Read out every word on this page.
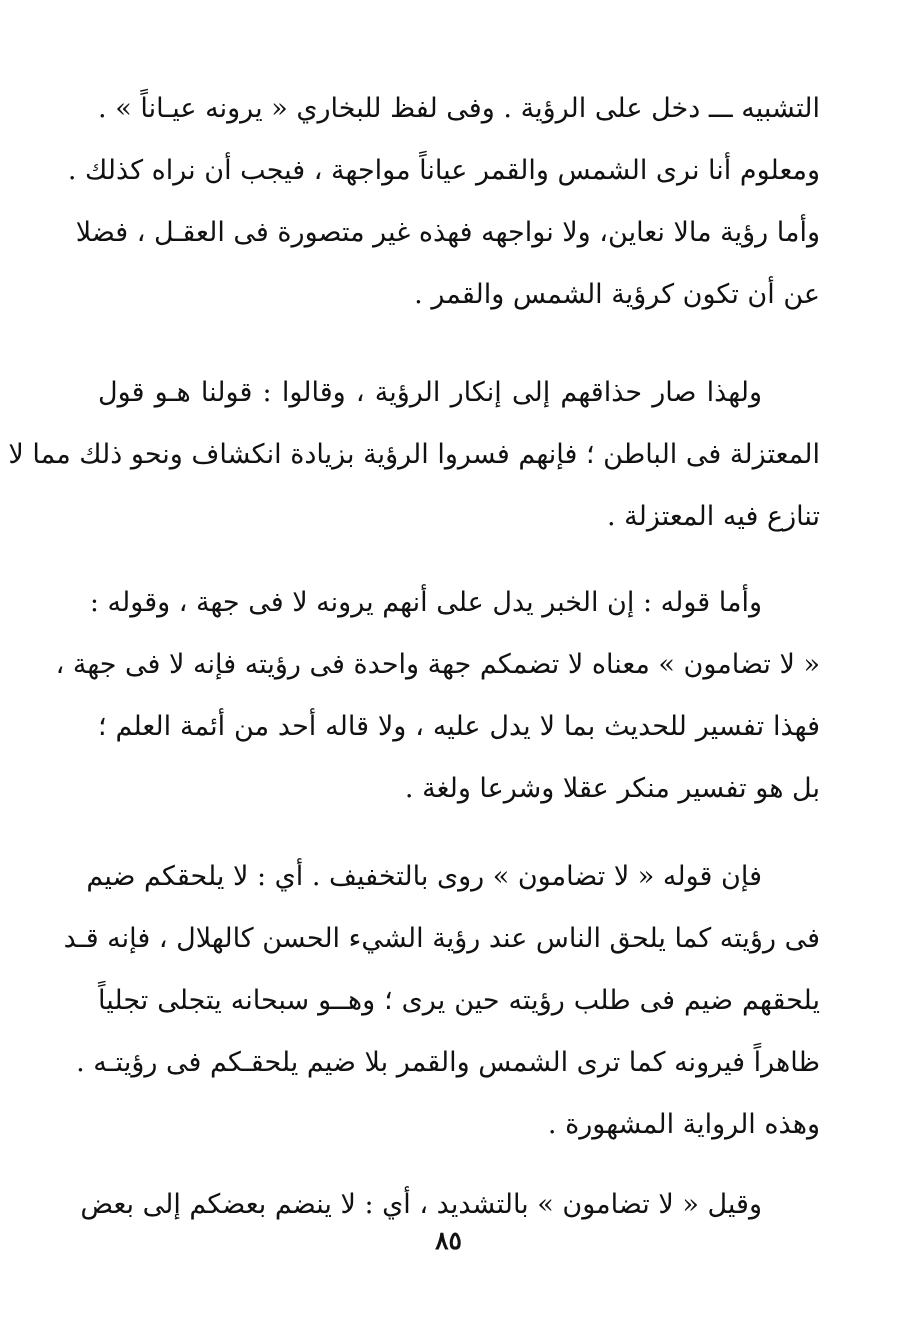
التشبيه ـــ دخل على الرؤية . وفى لفظ للبخاري « يرونه عيـاناً » .
ومعلوم أنا نرى الشمس والقمر عياناً مواجهة ، فيجب أن نراه كذلك .
وأما رؤية مالا نعاين، ولا نواجهه فهذه غير متصورة فى العقـل ، فضلا
عن أن تكون كرؤية الشمس والقمر .
ولهذا صار حذاقهم إلى إنكار الرؤية ، وقالوا : قولنا هـو قول
المعتزلة فى الباطن ؛ فإنهم فسروا الرؤية بزيادة انكشاف ونحو ذلك مما لا
تنازع فيه المعتزلة .
وأما قوله : إن الخبر يدل على أنهم يرونه لا فى جهة ، وقوله :
« لا تضامون » معناه لا تضمكم جهة واحدة فى رؤيته فإنه لا فى جهة ،
فهذا تفسير للحديث بما لا يدل عليه ، ولا قاله أحد من أئمة العلم ؛
بل هو تفسير منكر عقلا وشرعا ولغة .
فإن قوله « لا تضامون » روى بالتخفيف . أي : لا يلحقكم ضيم
فى رؤيته كما يلحق الناس عند رؤية الشيء الحسن كالهلال ، فإنه قـد
يلحقهم ضيم فى طلب رؤيته حين يرى ؛ وهــو سبحانه يتجلى تجلياً
ظاهراً فيرونه كما ترى الشمس والقمر بلا ضيم يلحقـكم فى رؤيتـه .
وهذه الرواية المشهورة .
وقيل « لا تضامون » بالتشديد ، أي : لا ينضم بعضكم إلى بعض
٨٥
